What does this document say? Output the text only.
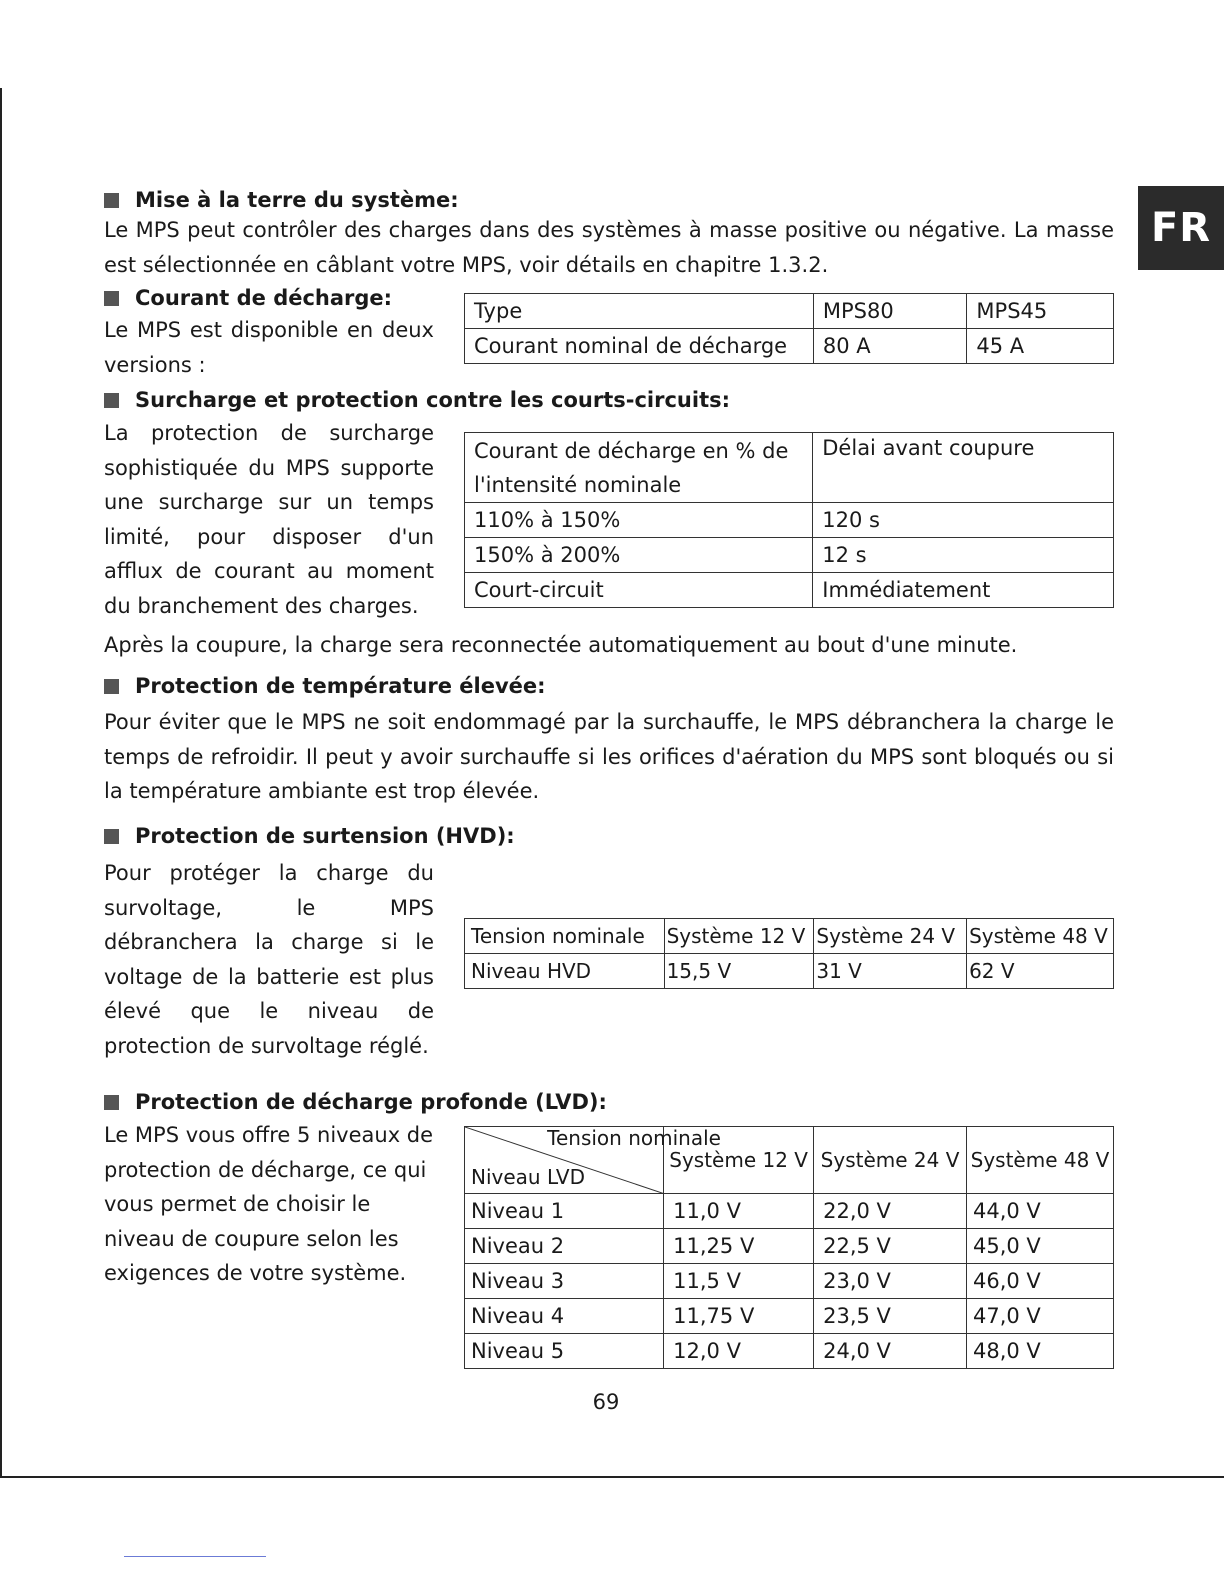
FR
Mise à la terre du système:

Le MPS peut contrôler des charges dans des systèmes à masse positive ou négative. La masse est sélectionnée en câblant votre MPS, voir détails en chapitre 1.3.2.

Courant de décharge:

Le MPS est disponible en deux versions :

Type	MPS80	MPS45
Courant nominal de décharge	80 A	45 A
Surcharge et protection contre les courts-circuits:

La protection de surcharge sophistiquée du MPS supporte une surcharge sur un temps limité, pour disposer d'un afflux de courant au moment du branchement des charges.

Courant de décharge en % de l'intensité nominale	Délai avant coupure
110% à 150%	120 s
150% à 200%	12 s
Court-circuit	Immédiatement

Après la coupure, la charge sera reconnectée automatiquement au bout d'une minute.

Protection de température élevée:

Pour éviter que le MPS ne soit endommagé par la surchauffe, le MPS débranchera la charge le temps de refroidir. Il peut y avoir surchauffe si les orifices d'aération du MPS sont bloqués ou si la température ambiante est trop élevée.

Protection de surtension (HVD):

Pour protéger la charge du survoltage, le MPS débranchera la charge si le voltage de la batterie est plus élevé que le niveau de protection de survoltage réglé.

Tension nominale	Système 12 V	Système 24 V	Système 48 V
Niveau HVD	15,5 V	31 V	62 V
Protection de décharge profonde (LVD):

Le MPS vous offre 5 niveaux de protection de décharge, ce qui vous permet de choisir le niveau de coupure selon les exigences de votre système.

Tension nominale
Niveau LVD	Système 12 V	Système 24 V	Système 48 V
Niveau 1	11,0 V	22,0 V	44,0 V
Niveau 2	11,25 V	22,5 V	45,0 V
Niveau 3	11,5 V	23,0 V	46,0 V
Niveau 4	11,75 V	23,5 V	47,0 V
Niveau 5	12,0 V	24,0 V	48,0 V
69
